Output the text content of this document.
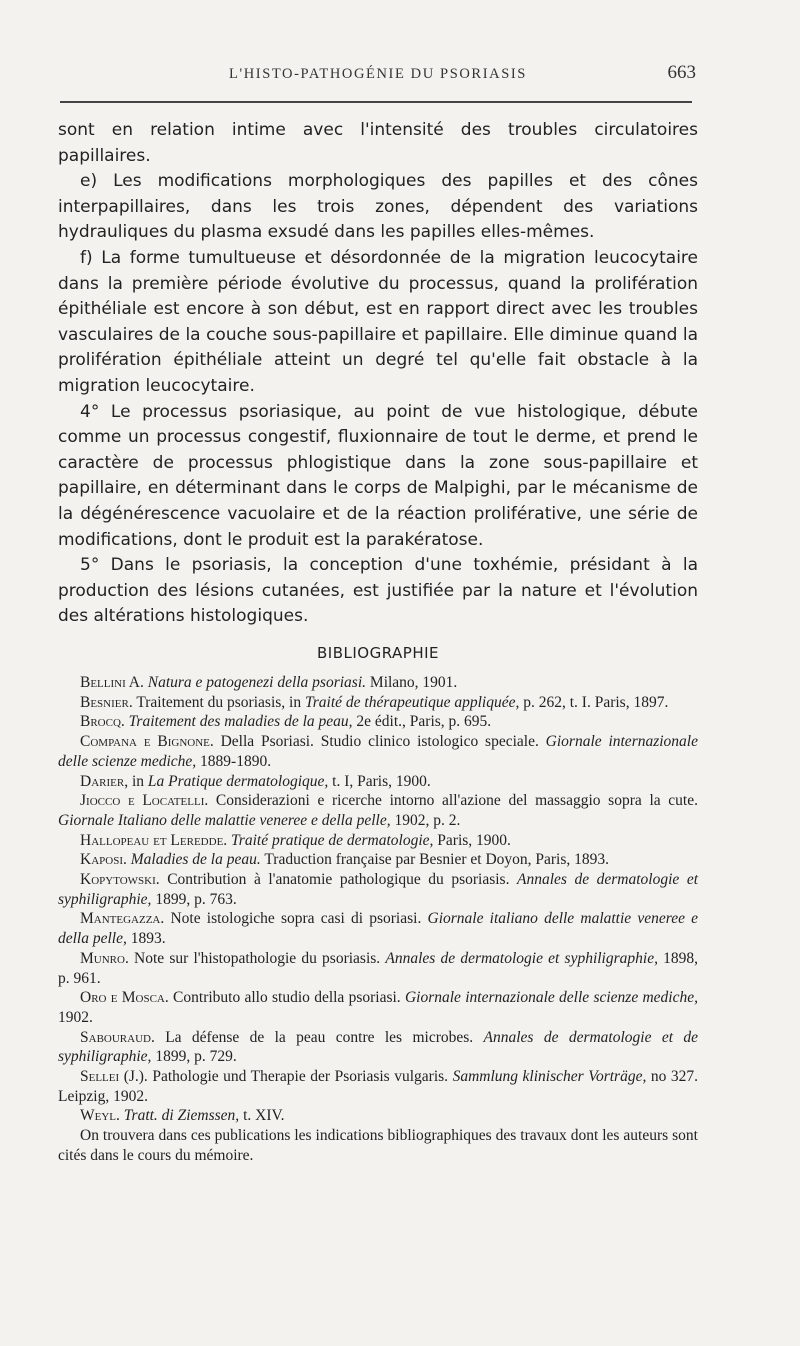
L'HISTO-PATHOGÉNIE DU PSORIASIS	663

sont en relation intime avec l'intensité des troubles circulatoires papillaires.

e) Les modifications morphologiques des papilles et des cônes interpapillaires, dans les trois zones, dépendent des variations hydrauliques du plasma exsudé dans les papilles elles-mêmes.

f) La forme tumultueuse et désordonnée de la migration leucocytaire dans la première période évolutive du processus, quand la prolifération épithéliale est encore à son début, est en rapport direct avec les troubles vasculaires de la couche sous-papillaire et papillaire. Elle diminue quand la prolifération épithéliale atteint un degré tel qu'elle fait obstacle à la migration leucocytaire.

4° Le processus psoriasique, au point de vue histologique, débute comme un processus congestif, fluxionnaire de tout le derme, et prend le caractère de processus phlogistique dans la zone sous-papillaire et papillaire, en déterminant dans le corps de Malpighi, par le mécanisme de la dégénérescence vacuolaire et de la réaction proliférative, une série de modifications, dont le produit est la parakératose.

5° Dans le psoriasis, la conception d'une toxhémie, présidant à la production des lésions cutanées, est justifiée par la nature et l'évolution des altérations histologiques.

BIBLIOGRAPHIE

Bellini A. Natura e patogenezi della psoriasi. Milano, 1901.

Besnier. Traitement du psoriasis, in Traité de thérapeutique appliquée, p. 262, t. I. Paris, 1897.

Brocq. Traitement des maladies de la peau, 2e édit., Paris, p. 695.

Compana e Bignone. Della Psoriasi. Studio clinico istologico speciale. Giornale internazionale delle scienze mediche, 1889-1890.

Darier, in La Pratique dermatologique, t. I, Paris, 1900.

Jiocco e Locatelli. Considerazioni e ricerche intorno all'azione del massaggio sopra la cute. Giornale Italiano delle malattie veneree e della pelle, 1902, p. 2.

Hallopeau et Leredde. Traité pratique de dermatologie, Paris, 1900.

Kaposi. Maladies de la peau. Traduction française par Besnier et Doyon, Paris, 1893.

Kopytowski. Contribution à l'anatomie pathologique du psoriasis. Annales de dermatologie et syphiligraphie, 1899, p. 763.

Mantegazza. Note istologiche sopra casi di psoriasi. Giornale italiano delle malattie veneree e della pelle, 1893.

Munro. Note sur l'histopathologie du psoriasis. Annales de dermatologie et syphiligraphie, 1898, p. 961.

Oro e Mosca. Contributo allo studio della psoriasi. Giornale internazionale delle scienze mediche, 1902.

Sabouraud. La défense de la peau contre les microbes. Annales de dermatologie et de syphiligraphie, 1899, p. 729.

Sellei (J.). Pathologie und Therapie der Psoriasis vulgaris. Sammlung klinischer Vorträge, no 327. Leipzig, 1902.

Weyl. Tratt. di Ziemssen, t. XIV.

On trouvera dans ces publications les indications bibliographiques des travaux dont les auteurs sont cités dans le cours du mémoire.
